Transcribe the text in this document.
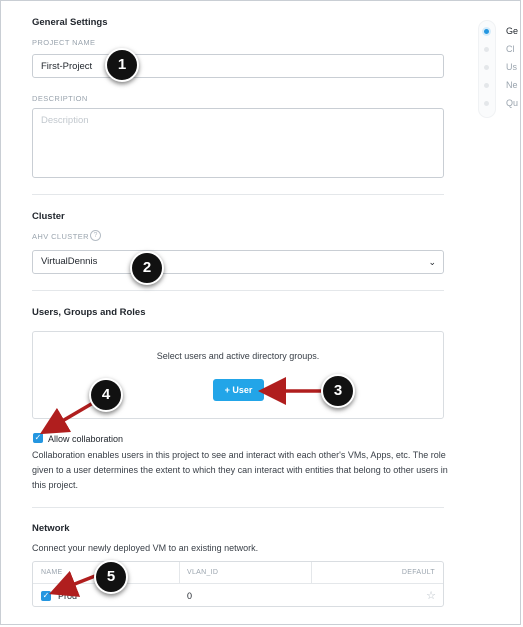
General Settings
PROJECT NAME
First-Project
DESCRIPTION
Description
Cluster
AHV CLUSTER ?
VirtualDennis	⌄
Users, Groups and Roles
Select users and active directory groups.
+ User
✓ Allow collaboration
Collaboration enables users in this project to see and interact with each other's VMs, Apps, etc. The role given to a user determines the extent to which they can interact with entities that belong to other users in this project.
Network
Connect your newly deployed VM to an existing network.
NAME	VLAN_ID	DEFAULT
✓ Prod	0	☆
Ge
Cl
Us
Ne
Qu
1
2
3
4
5
